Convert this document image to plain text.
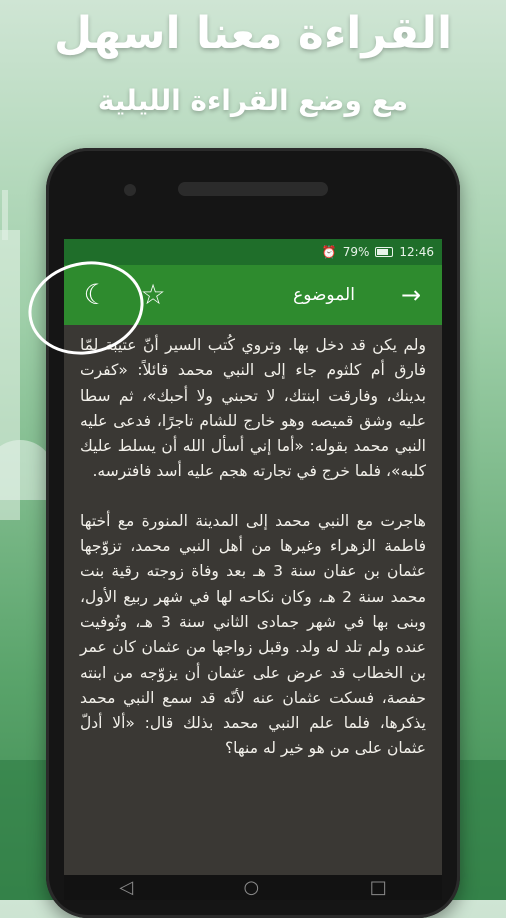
القراءة معنا اسهل
مع وضع القراءة الليلية
⏰ 79%	12:46
☾ ☆	الموضوع	→

ولم يكن قد دخل بها. وتروي كُتب السير أنّ عتيبة لمّا فارق أم كلثوم جاء إلى النبي محمد قائلاً: «كفرت بدينك، وفارقت ابنتك، لا تحبني ولا أحبك»، ثم سطا عليه وشق قميصه وهو خارج للشام تاجرًا، فدعى عليه النبي محمد بقوله: «أما إني أسأل الله أن يسلط عليك كلبه»، فلما خرج في تجارته هجم عليه أسد فافترسه.

هاجرت مع النبي محمد إلى المدينة المنورة مع أختها فاطمة الزهراء وغيرها من أهل النبي محمد، تزوّجها عثمان بن عفان سنة 3 هـ بعد وفاة زوجته رقية بنت محمد سنة 2 هـ، وكان نكاحه لها في شهر ربيع الأول، وبنى بها في شهر جمادى الثاني سنة 3 هـ، وتُوفيت عنده ولم تلد له ولد. وقبل زواجها من عثمان كان عمر بن الخطاب قد عرض على عثمان أن يزوّجه من ابنته حفصة، فسكت عثمان عنه لأنّه قد سمع النبي محمد يذكرها، فلما علم النبي محمد بذلك قال: «ألا أدلّ عثمان على من هو خير له منها؟

◁	○	□
